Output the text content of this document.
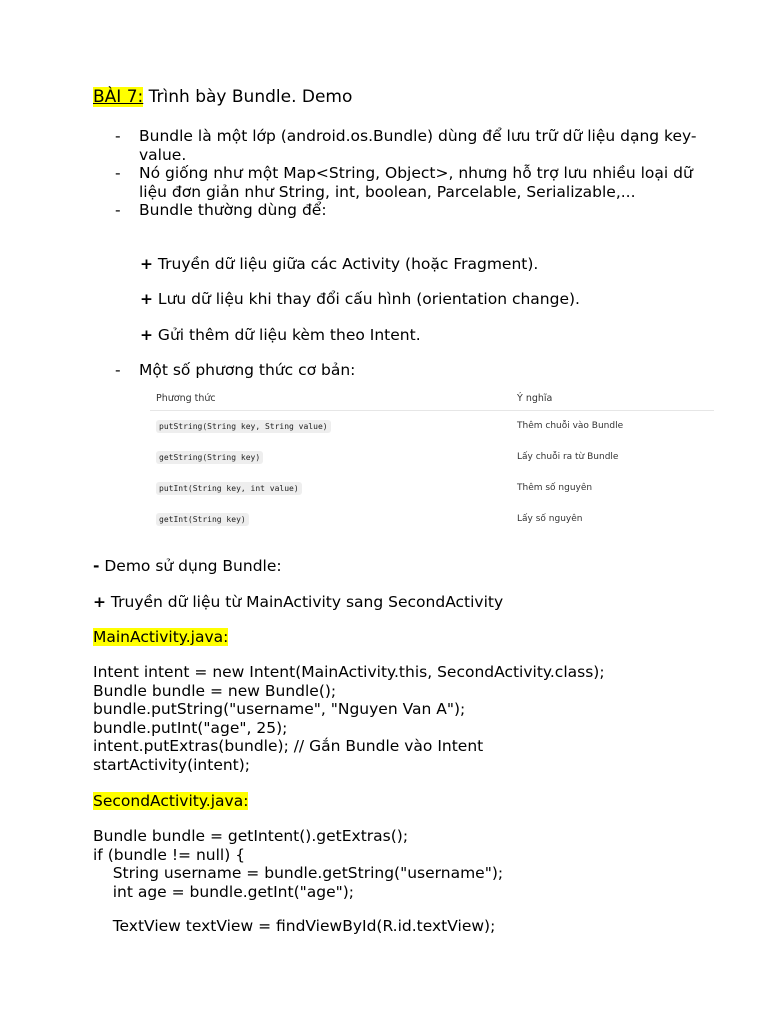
BÀI 7: Trình bày Bundle. Demo
- Bundle là một lớp (android.os.Bundle) dùng để lưu trữ dữ liệu dạng key-value.
- Nó giống như một Map<String, Object>, nhưng hỗ trợ lưu nhiều loại dữ liệu đơn giản như String, int, boolean, Parcelable, Serializable,...
- Bundle thường dùng để:
+ Truyền dữ liệu giữa các Activity (hoặc Fragment).
+ Lưu dữ liệu khi thay đổi cấu hình (orientation change).
+ Gửi thêm dữ liệu kèm theo Intent.
- Một số phương thức cơ bản:
Phương thức	Ý nghĩa
putString(String key, String value)	Thêm chuỗi vào Bundle
getString(String key)	Lấy chuỗi ra từ Bundle
putInt(String key, int value)	Thêm số nguyên
getInt(String key)	Lấy số nguyên
- Demo sử dụng Bundle:
+ Truyền dữ liệu từ MainActivity sang SecondActivity
MainActivity.java:
Intent intent = new Intent(MainActivity.this, SecondActivity.class);
Bundle bundle = new Bundle();
bundle.putString("username", "Nguyen Van A");
bundle.putInt("age", 25);
intent.putExtras(bundle); // Gắn Bundle vào Intent
startActivity(intent);
SecondActivity.java:
Bundle bundle = getIntent().getExtras();
if (bundle != null) {
String username = bundle.getString("username");
int age = bundle.getInt("age");
TextView textView = findViewById(R.id.textView);
